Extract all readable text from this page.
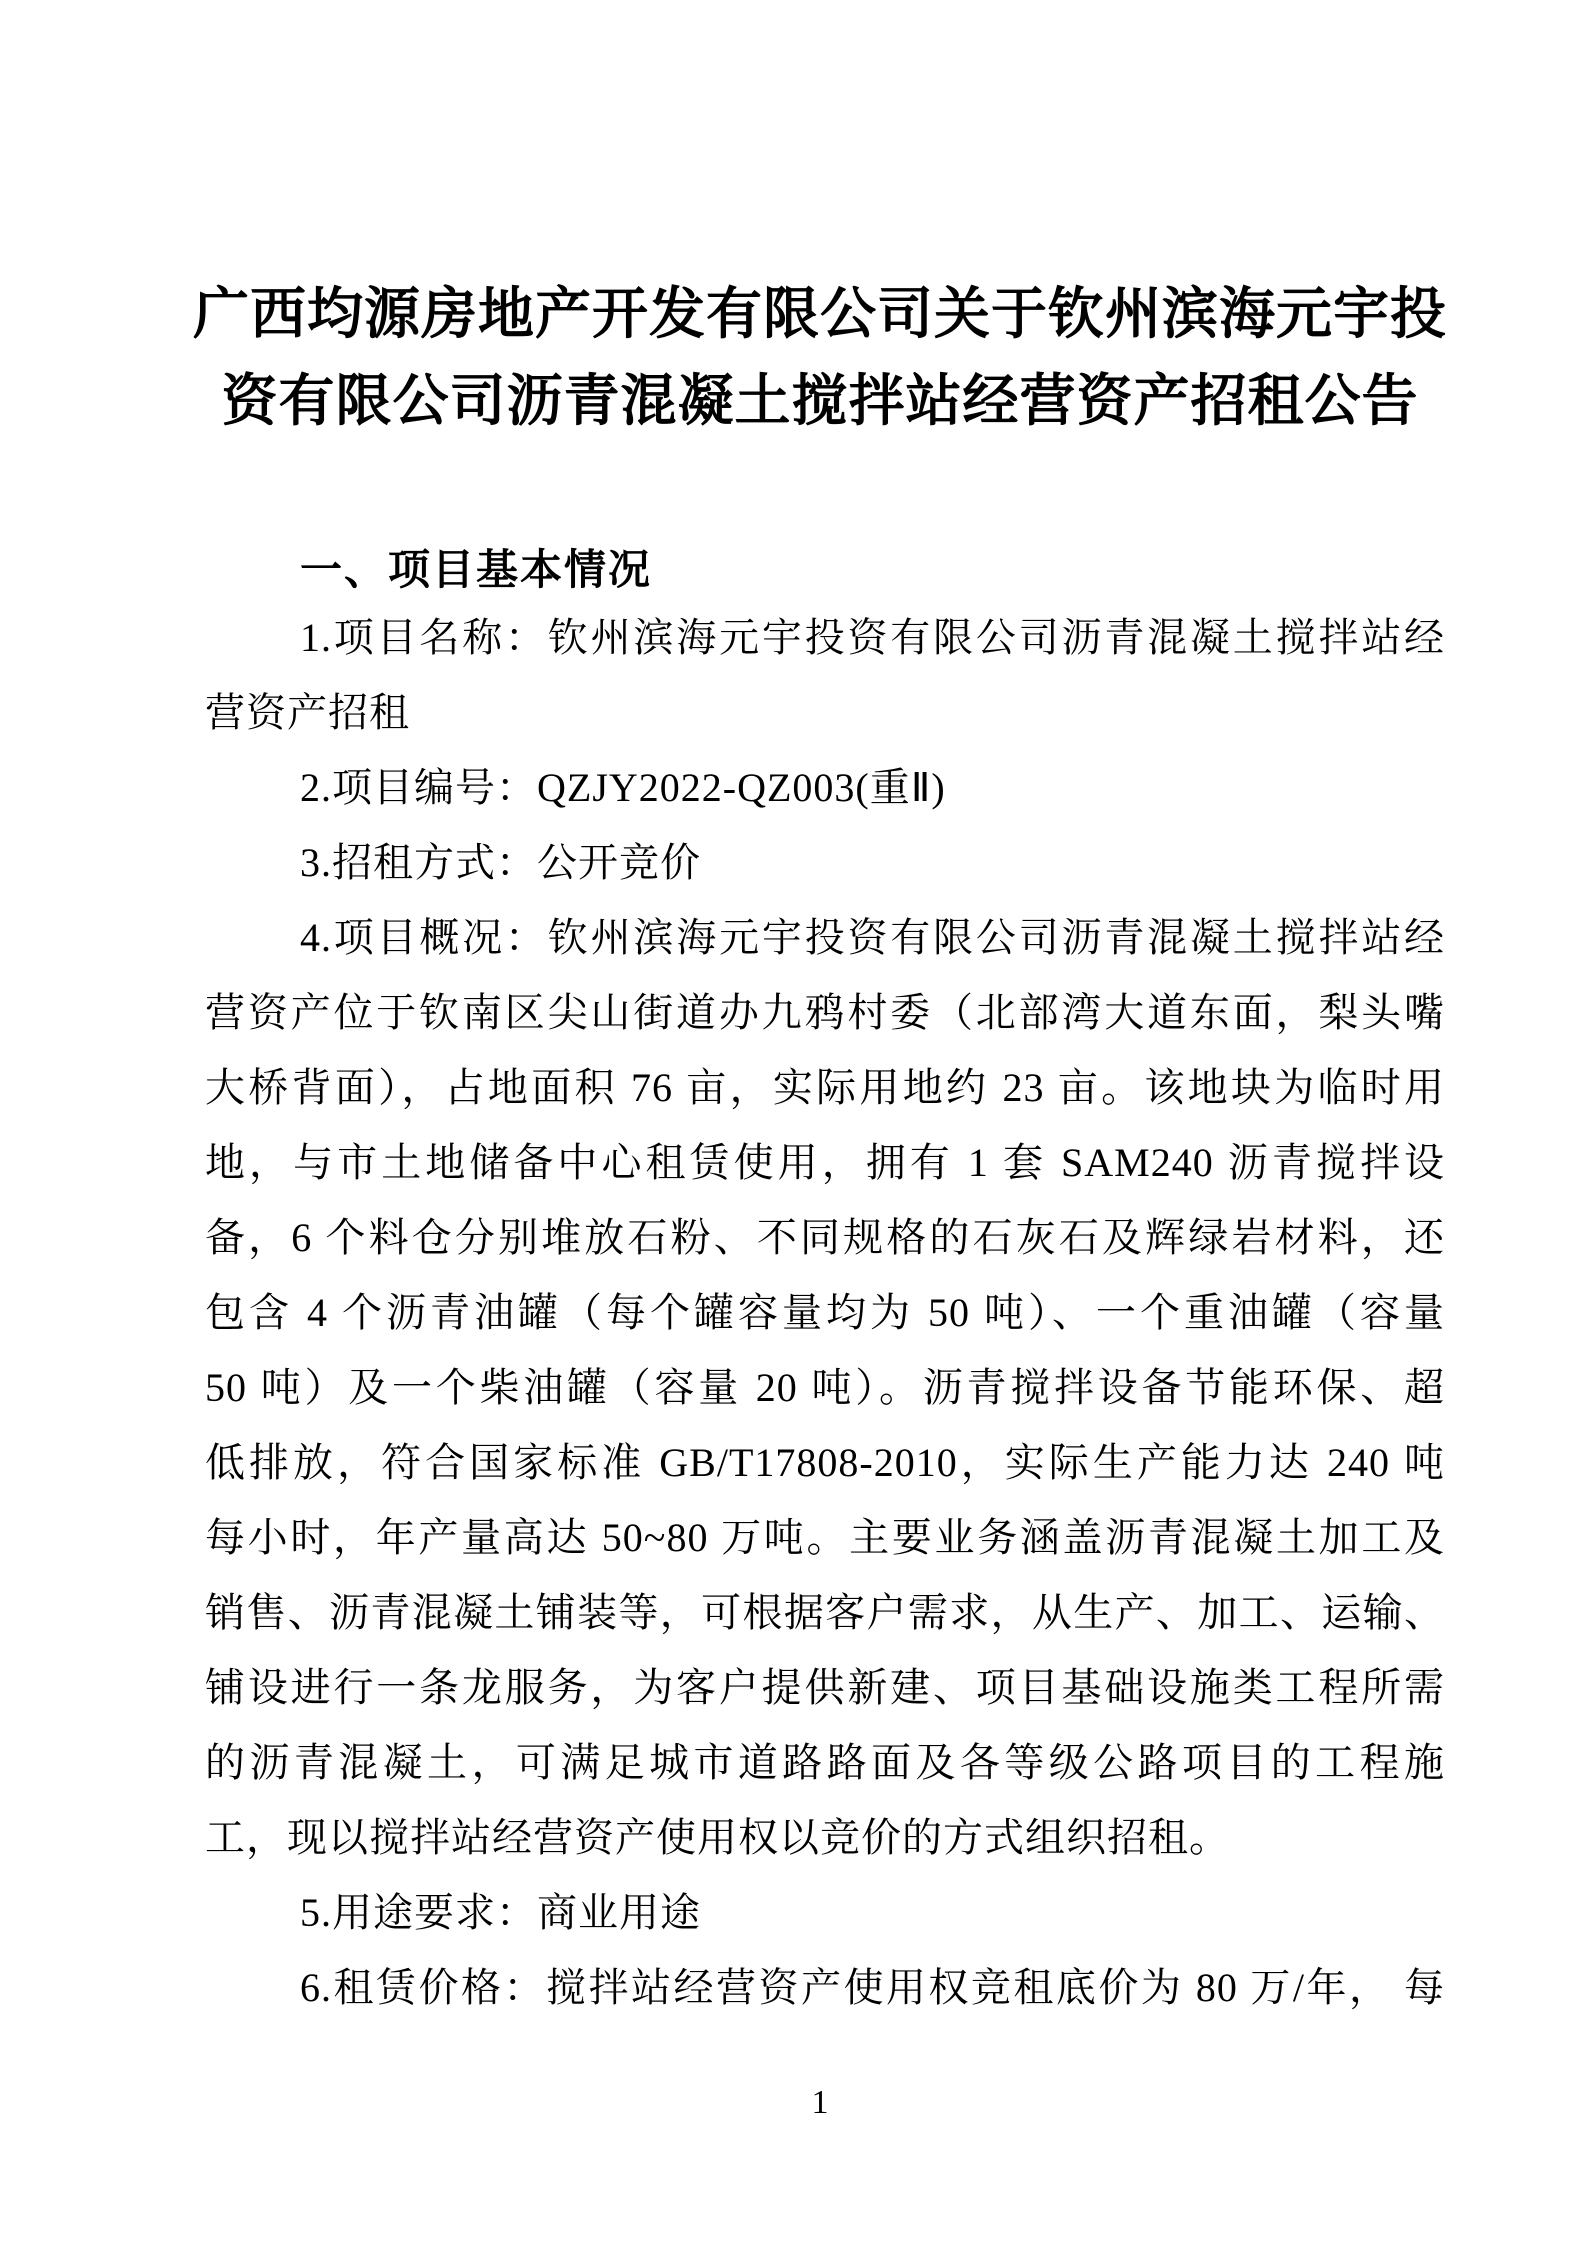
广西均源房地产开发有限公司关于钦州滨海元宇投
资有限公司沥青混凝土搅拌站经营资产招租公告
一、项目基本情况
1.项目名称：钦州滨海元宇投资有限公司沥青混凝土搅拌站经
营资产招租
2.项目编号：QZJY2022-QZ003(重Ⅱ)
3.招租方式：公开竞价
4.项目概况：钦州滨海元宇投资有限公司沥青混凝土搅拌站经
营资产位于钦南区尖山街道办九鸦村委（北部湾大道东面，梨头嘴
大桥背面），占地面积 76 亩，实际用地约 23 亩。该地块为临时用
地，与市土地储备中心租赁使用，拥有 1 套 SAM240 沥青搅拌设
备，6 个料仓分别堆放石粉、不同规格的石灰石及辉绿岩材料，还
包含 4 个沥青油罐（每个罐容量均为 50 吨）、一个重油罐（容量
50 吨）及一个柴油罐（容量 20 吨）。沥青搅拌设备节能环保、超
低排放，符合国家标准 GB/T17808-2010，实际生产能力达 240 吨
每小时，年产量高达 50~80 万吨。主要业务涵盖沥青混凝土加工及
销售、沥青混凝土铺装等，可根据客户需求，从生产、加工、运输、
铺设进行一条龙服务，为客户提供新建、项目基础设施类工程所需
的沥青混凝土，可满足城市道路路面及各等级公路项目的工程施
工，现以搅拌站经营资产使用权以竞价的方式组织招租。
5.用途要求：商业用途
6.租赁价格：搅拌站经营资产使用权竞租底价为 80 万/年， 每
1
